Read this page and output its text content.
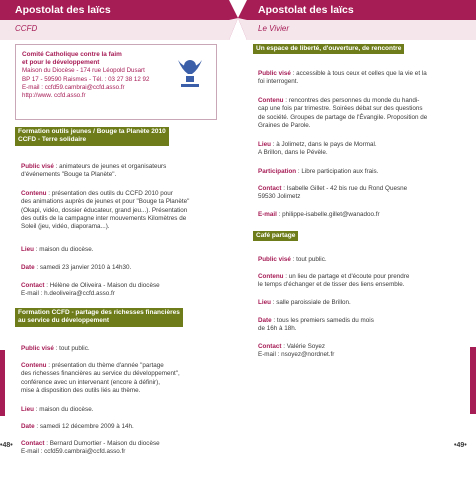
Apostolat des laïcs
CCFD
Comité Catholique contre la faim
et pour le développement
Maison du Diocèse - 174 rue Léopold Dusart
BP 17 - 59590 Raismes - Tél. : 03 27 38 12 92
E-mail : ccfd59.cambrai@ccfd.asso.fr
http://www. ccfd.asso.fr
Formation outils jeunes / Bouge ta Planète 2010
CCFD - Terre solidaire

Public visé : animateurs de jeunes et organisateurs

d'événements "Bouge ta Planète".

Contenu : présentation des outils du CCFD 2010 pour

des animations auprès de jeunes et pour "Bouge ta Planète"

(Okapi, vidéo, dossier éducateur, grand jeu...). Présentation

des outils de la campagne inter mouvements Kilomètres de

Soleil (jeu, vidéo, diaporama...).

Lieu : maison du diocèse.

Date : samedi 23 janvier 2010 à 14h30.

Contact : Hélène de Oliveira - Maison du diocèse

E-mail : h.deoliveira@ccfd.asso.fr

Formation CCFD - partage des richesses financières
au service du développement

Public visé : tout public.

Contenu : présentation du thème d'année "partage

des richesses financières au service du développement",

conférence avec un intervenant (encore à définir),

mise à disposition des outils liés au thème.

Lieu : maison du diocèse.

Date : samedi 12 décembre 2009 à 14h.

Contact : Bernard Dumortier - Maison du diocèse

E-mail : ccfd59.cambrai@ccfd.asso.fr

Apostolat des laïcs
Le Vivier
Un espace de liberté, d'ouverture, de rencontre

Public visé : accessible à tous ceux et celles que la vie et la

foi interrogent.

Contenu : rencontres des personnes du monde du handi-

cap une fois par trimestre. Soirées débat sur des questions

de société. Groupes de partage de l'Évangile. Proposition de

Graines de Parole.

Lieu : à Jolimetz, dans le pays de Mormal.

A Brillon, dans le Pévèle.

Participation : Libre participation aux frais.

Contact : Isabelle Gillet - 42 bis rue du Rond Quesne

59530 Jolimetz

E-mail : philippe-isabelle.gillet@wanadoo.fr

Café partage

Public visé : tout public.

Contenu : un lieu de partage et d'écoute pour prendre

le temps d'échanger et de tisser des liens ensemble.

Lieu : salle paroissiale de Brillon.

Date : tous les premiers samedis du mois

de 16h à 18h.

Contact : Valérie Soyez

E-mail : nsoyez@nordnet.fr

•48•	•49•
